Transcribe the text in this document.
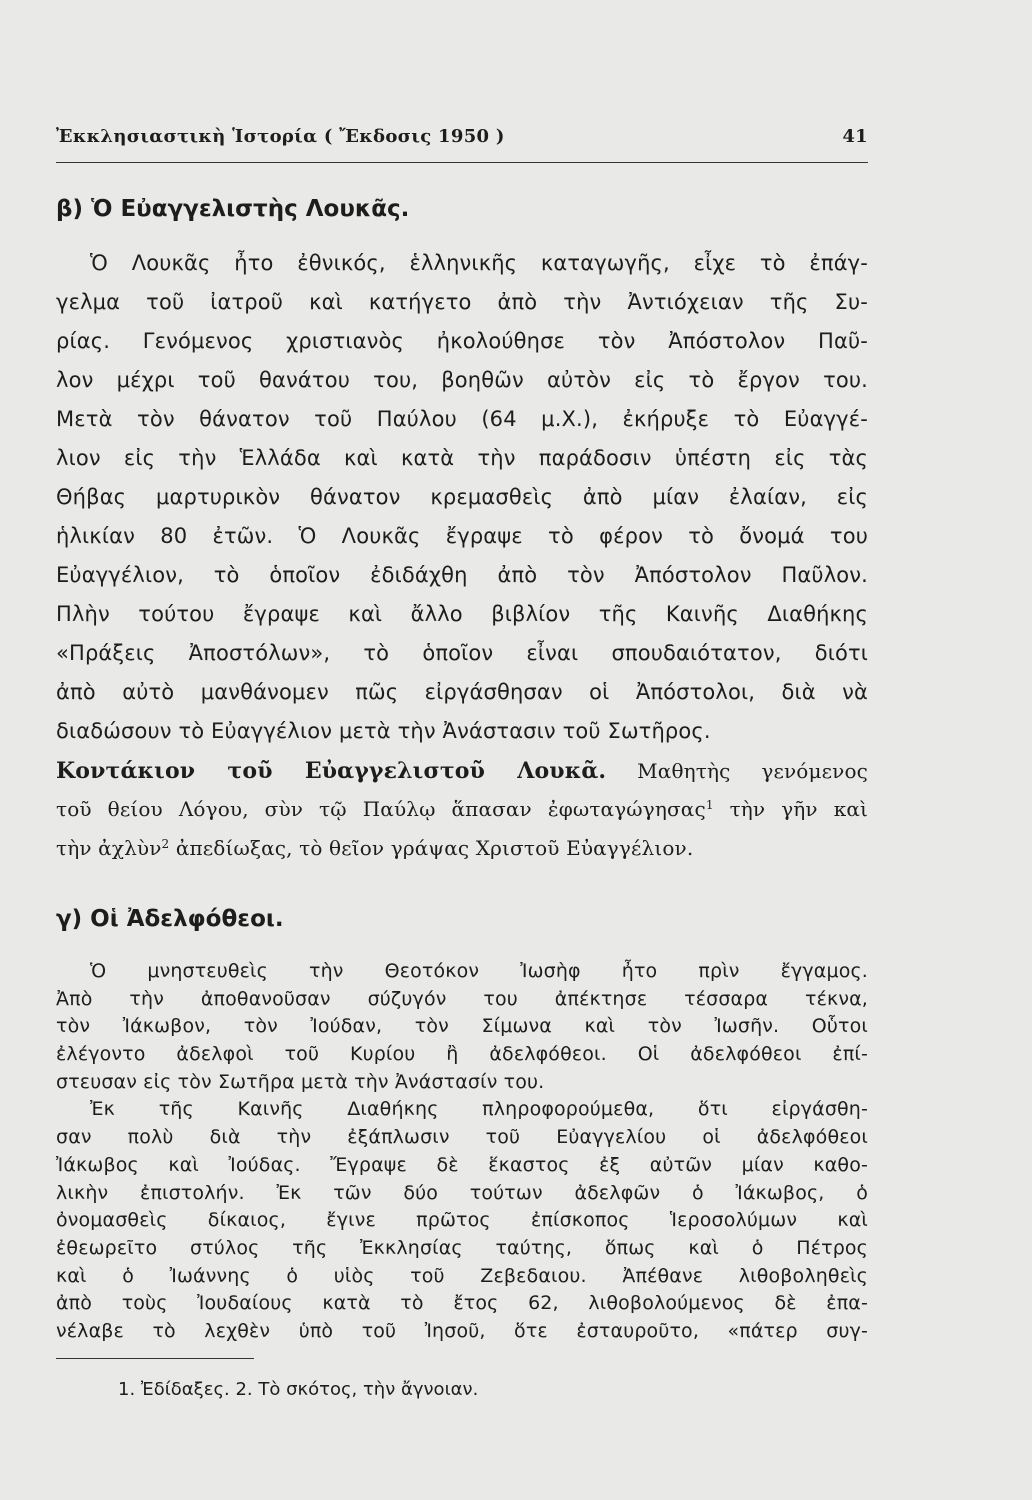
Ἐκκλησιαστικὴ Ἱστορία ( Ἔκδοσις 1950 )	41
β) Ὁ Εὐαγγελιστὴς Λουκᾶς.
Ὁ Λουκᾶς ἦτο ἐθνικός, ἑλληνικῆς καταγωγῆς, εἶχε τὸ ἐπάγ-
γελμα τοῦ ἰατροῦ καὶ κατήγετο ἀπὸ τὴν Ἀντιόχειαν τῆς Συ-
ρίας. Γενόμενος χριστιανὸς ἠκολούθησε τὸν Ἀπόστολον Παῦ-
λον μέχρι τοῦ θανάτου του, βοηθῶν αὐτὸν εἰς τὸ ἔργον του.
Μετὰ τὸν θάνατον τοῦ Παύλου (64 μ.Χ.), ἐκήρυξε τὸ Εὐαγγέ-
λιον εἰς τὴν Ἑλλάδα καὶ κατὰ τὴν παράδοσιν ὑπέστη εἰς τὰς
Θήβας μαρτυρικὸν θάνατον κρεμασθεὶς ἀπὸ μίαν ἐλαίαν, εἰς
ἡλικίαν 80 ἐτῶν. Ὁ Λουκᾶς ἔγραψε τὸ φέρον τὸ ὄνομά του
Εὐαγγέλιον, τὸ ὁποῖον ἐδιδάχθη ἀπὸ τὸν Ἀπόστολον Παῦλον.
Πλὴν τούτου ἔγραψε καὶ ἄλλο βιβλίον τῆς Καινῆς Διαθήκης
«Πράξεις Ἀποστόλων», τὸ ὁποῖον εἶναι σπουδαιότατον, διότι
ἀπὸ αὐτὸ μανθάνομεν πῶς εἰργάσθησαν οἱ Ἀπόστολοι, διὰ νὰ
διαδώσουν τὸ Εὐαγγέλιον μετὰ τὴν Ἀνάστασιν τοῦ Σωτῆρος.
Κοντάκιον τοῦ Εὐαγγελιστοῦ Λουκᾶ. Μαθητὴς γενόμενος
τοῦ θείου Λόγου, σὺν τῷ Παύλῳ ἅπασαν ἐφωταγώγησας$^1$ τὴν γῆν καὶ
τὴν ἀχλὺν$^2$ ἀπεδίωξας, τὸ θεῖον γράψας Χριστοῦ Εὐαγγέλιον.
γ) Οἱ Ἀδελφόθεοι.
Ὁ μνηστευθεὶς τὴν Θεοτόκον Ἰωσὴφ ἦτο πρὶν ἔγγαμος.
Ἀπὸ τὴν ἀποθανοῦσαν σύζυγόν του ἀπέκτησε τέσσαρα τέκνα,
τὸν Ἰάκωβον, τὸν Ἰούδαν, τὸν Σίμωνα καὶ τὸν Ἰωσῆν. Οὗτοι
ἐλέγοντο ἀδελφοὶ τοῦ Κυρίου ἢ ἀδελφόθεοι. Οἱ ἀδελφόθεοι ἐπί-
στευσαν εἰς τὸν Σωτῆρα μετὰ τὴν Ἀνάστασίν του.
Ἐκ τῆς Καινῆς Διαθήκης πληροφορούμεθα, ὅτι εἰργάσθη-
σαν πολὺ διὰ τὴν ἐξάπλωσιν τοῦ Εὐαγγελίου οἱ ἀδελφόθεοι
Ἰάκωβος καὶ Ἰούδας. Ἔγραψε δὲ ἕκαστος ἐξ αὐτῶν μίαν καθο-
λικὴν ἐπιστολήν. Ἐκ τῶν δύο τούτων ἀδελφῶν ὁ Ἰάκωβος, ὁ
ὀνομασθεὶς δίκαιος, ἔγινε πρῶτος ἐπίσκοπος Ἱεροσολύμων καὶ
ἐθεωρεῖτο στύλος τῆς Ἐκκλησίας ταύτης, ὅπως καὶ ὁ Πέτρος
καὶ ὁ Ἰωάννης ὁ υἱὸς τοῦ Ζεβεδαιου. Ἀπέθανε λιθοβοληθεὶς
ἀπὸ τοὺς Ἰουδαίους κατὰ τὸ ἔτος 62, λιθοβολούμενος δὲ ἐπα-
νέλαβε τὸ λεχθὲν ὑπὸ τοῦ Ἰησοῦ, ὅτε ἐσταυροῦτο, «πάτερ συγ-
1. Ἐδίδαξες. 2. Τὸ σκότος, τὴν ἄγνοιαν.
